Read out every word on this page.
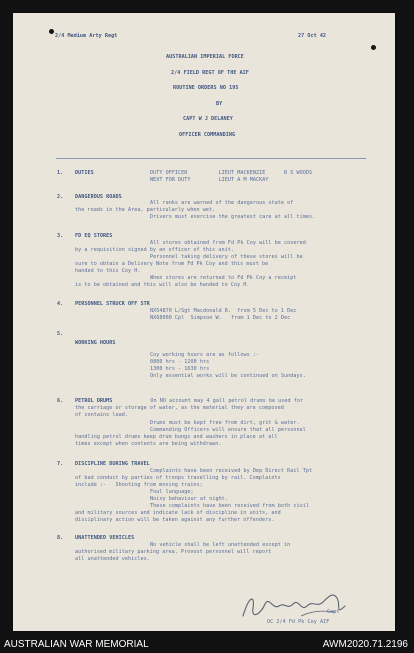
2/4 Medium Arty Regt	27 Oct 42
AUSTRALIAN IMPERIAL FORCE
2/4 FIELD REGT OF THE AIF
ROUTINE ORDERS NO 195
BY
CAPT W J DELANEY
OFFICER COMMANDING
1. DUTIES	DUTY OFFICER          LIEUT MACKENZIE      R S WOODS
NEXT FOR DUTY         LIEUT A M MACKAY
2. DANGEROUS ROADS
All ranks are warned of the dangerous state of
the roads in the Area, particularly when wet.
Drivers must exercise the greatest care at all times.
3. FD EQ STORES
All stores obtained from Fd Pk Coy will be covered
by a requisition signed by an officer of this unit.
Personnel taking delivery of these stores will be
sure to obtain a Delivery Note from Fd Pk Coy and this must be
handed to this Coy H.
When stores are returned to Fd Pk Coy a receipt
is to be obtained and this will also be handed to Coy H.
4. PERSONNEL STRUCK OFF STR
NX54870 L/Sgt Macdonald R.  from 5 Dec to 1 Dec
NX68000 Cpl  Simpson W.   from 1 Dec to 2 Dec
5.
WORKING HOURS
Coy working hours are as follows :-
0800 hrs - 1200 hrs
1300 hrs - 1630 hrs
Only essential works will be continued on Sundays.
6. PETROL DRUMS On NO account may 4 gall petrol drums be used for
the carriage or storage of water, as the material they are composed
of contains lead.
Drums must be kept free from dirt, grit & water.
Commanding Officers will ensure that all personnel
handling petrol drums keep drum bungs and washers in place at all
times except when contents are being withdrawn.
7. DISCIPLINE DURING TRAVEL
Complaints have been received by Dep Direct Rail Tpt
of bad conduct by parties of troops travelling by rail. Complaints
include :-   Shooting from moving trains;
Foul language;
Noisy behaviour at night.
These complaints have been received from both civil
and military sources and indicate lack of discipline in units, and
disciplinary action will be taken against any further offenders.
8. UNATTENDED VEHICLES
No vehicle shall be left unattended except in
authorised military parking area. Provost personnel will report
all unattended vehicles.
Capt
OC 2/4 Fd Pk Coy AIF
AUSTRALIAN WAR MEMORIAL	AWM2020.71.2196
